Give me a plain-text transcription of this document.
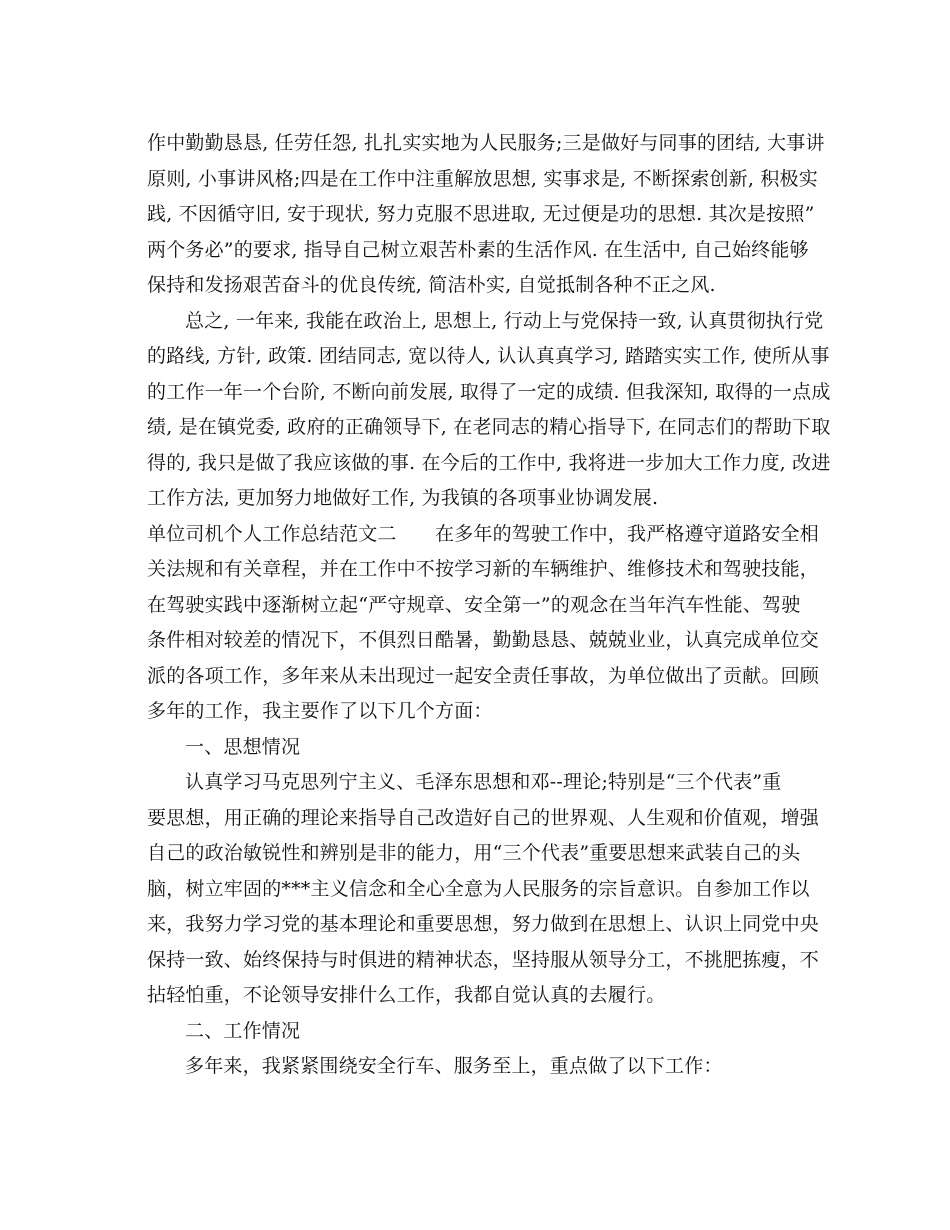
作中勤勤恳恳, 任劳任怨, 扎扎实实地为人民服务;三是做好与同事的团结, 大事讲
原则, 小事讲风格;四是在工作中注重解放思想, 实事求是, 不断探索创新, 积极实
践, 不因循守旧, 安于现状, 努力克服不思进取, 无过便是功的思想. 其次是按照”
两个务必”的要求, 指导自己树立艰苦朴素的生活作风. 在生活中, 自己始终能够
保持和发扬艰苦奋斗的优良传统, 简洁朴实, 自觉抵制各种不正之风.
总之, 一年来, 我能在政治上, 思想上, 行动上与党保持一致, 认真贯彻执行党
的路线, 方针, 政策. 团结同志, 宽以待人, 认认真真学习, 踏踏实实工作, 使所从事
的工作一年一个台阶, 不断向前发展, 取得了一定的成绩. 但我深知, 取得的一点成
绩, 是在镇党委, 政府的正确领导下, 在老同志的精心指导下, 在同志们的帮助下取
得的, 我只是做了我应该做的事. 在今后的工作中, 我将进一步加大工作力度, 改进
工作方法, 更加努力地做好工作, 为我镇的各项事业协调发展.
单位司机个人工作总结范文二　　在多年的驾驶工作中，我严格遵守道路安全相
关法规和有关章程，并在工作中不按学习新的车辆维护、维修技术和驾驶技能，
在驾驶实践中逐渐树立起“严守规章、安全第一”的观念在当年汽车性能、驾驶
条件相对较差的情况下，不俱烈日酷暑，勤勤恳恳、兢兢业业，认真完成单位交
派的各项工作，多年来从未出现过一起安全责任事故，为单位做出了贡献。回顾
多年的工作，我主要作了以下几个方面：
一、思想情况
认真学习马克思列宁主义、毛泽东思想和邓--理论;特别是“三个代表”重
要思想，用正确的理论来指导自己改造好自己的世界观、人生观和价值观，增强
自己的政治敏锐性和辨别是非的能力，用“三个代表”重要思想来武装自己的头
脑，树立牢固的***主义信念和全心全意为人民服务的宗旨意识。自参加工作以
来，我努力学习党的基本理论和重要思想，努力做到在思想上、认识上同党中央
保持一致、始终保持与时俱进的精神状态，坚持服从领导分工，不挑肥拣瘦，不
拈轻怕重，不论领导安排什么工作，我都自觉认真的去履行。
二、工作情况
多年来，我紧紧围绕安全行车、服务至上，重点做了以下工作：
